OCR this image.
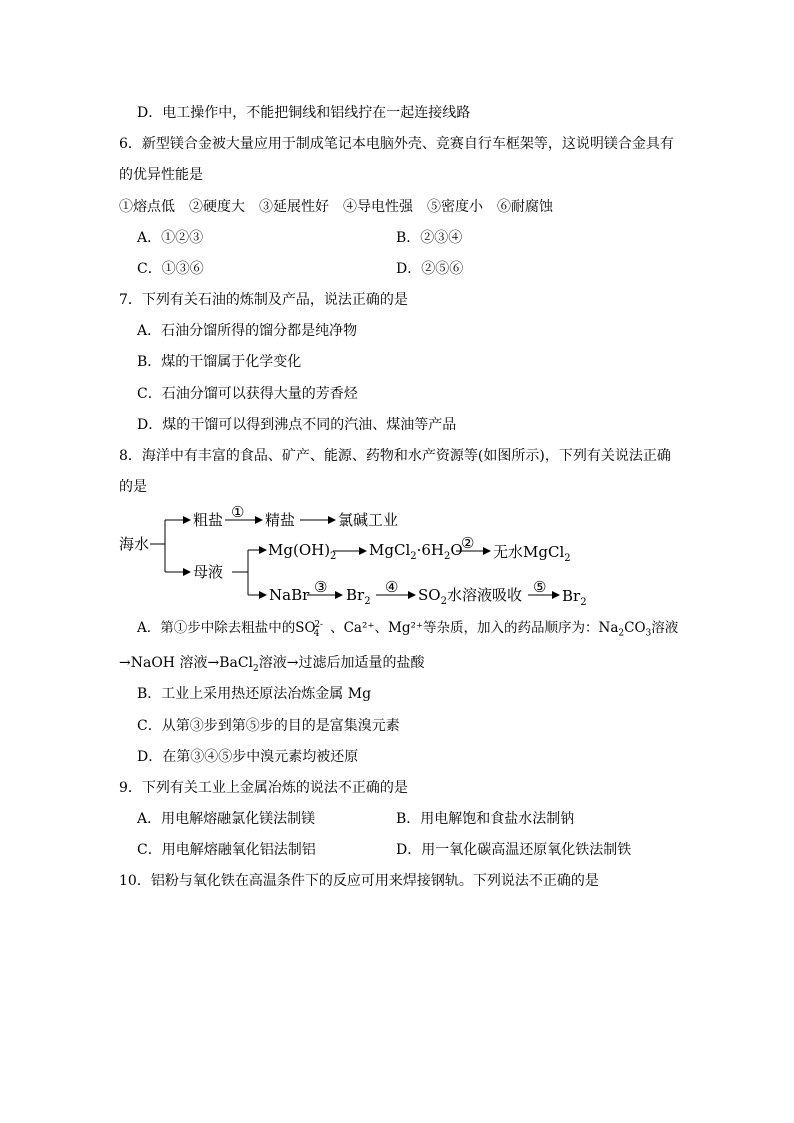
D．电工操作中，不能把铜线和铝线拧在一起连接线路
6．新型镁合金被大量应用于制成笔记本电脑外壳、竞赛自行车框架等，这说明镁合金具有
的优异性能是
①熔点低　②硬度大　③延展性好　④导电性强　⑤密度小　⑥耐腐蚀
A．①②③	B．②③④
C．①③⑥	D．②⑤⑥
7．下列有关石油的炼制及产品，说法正确的是
A．石油分馏所得的馏分都是纯净物
B．煤的干馏属于化学变化
C．石油分馏可以获得大量的芳香烃
D．煤的干馏可以得到沸点不同的汽油、煤油等产品
8．海洋中有丰富的食品、矿产、能源、药物和水产资源等(如图所示)，下列有关说法正确
的是
海水
粗盐 ① 精盐	氯碱工业
母液
$Mg(OH)_2$ $MgCl_2\cdot 6H_2O$
② 无水MgCl$_2$
NaBr ③ $Br_2$
④ $SO_2$水溶液吸收 ⑤ $Br_2$
A．第①步中除去粗盐中的$SO_4^{2-}$ 、Ca²⁺、Mg²⁺等杂质，加入的药品顺序为：$Na_2CO_3$溶液
→NaOH 溶液→BaCl$_2$溶液→过滤后加适量的盐酸
B．工业上采用热还原法冶炼金属 Mg
C．从第③步到第⑤步的目的是富集溴元素
D．在第③④⑤步中溴元素均被还原
9．下列有关工业上金属冶炼的说法不正确的是
A．用电解熔融氯化镁法制镁	B．用电解饱和食盐水法制钠
C．用电解熔融氧化铝法制铝	D．用一氧化碳高温还原氧化铁法制铁
10．铝粉与氧化铁在高温条件下的反应可用来焊接钢轨。下列说法不正确的是
